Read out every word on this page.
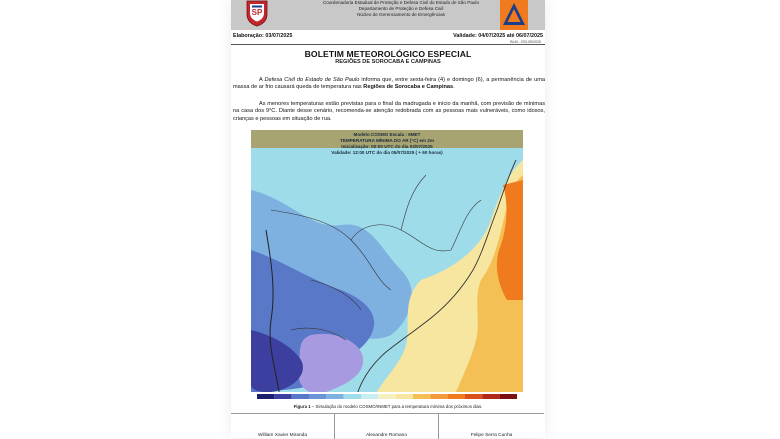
SP
Coordenadoria Estadual de Proteção e Defesa Civil do Estado de São Paulo
Departamento de Proteção e Defesa Civil
Núcleo de Gerenciamento de Emergências
Elaboração: 03/07/2025	Validade: 04/07/2025 até 06/07/2025
BLM - 033-05/2025
BOLETIM METEOROLÓGICO ESPECIAL
REGIÕES DE SOROCABA E CAMPINAS
A Defesa Civil do Estado de São Paulo informa que, entre sexta-feira (4) e domingo (6), a permanência de uma massa de ar frio causará queda de temperatura nas Regiões de Sorocaba e Campinas.
As menores temperaturas estão previstas para o final da madrugada e início da manhã, com previsão de mínimas na casa dos 9°C. Diante desse cenário, recomenda-se atenção redobrada com as pessoas mais vulneráveis, como idosos, crianças e pessoas em situação de rua.
Modelo COSMO Escala : 9MET
TEMPERATURA MÍNIMA DO AR (°C) em 2m
Inicialização: 00:00 UTC do dia 03/07/2025
Validade: 12:00 UTC do dia 05/07/2025 ( + 60 horas)
Figura 1 – Simulação do modelo COSMO/INMET para a temperatura mínima dos próximos dias.
William Xavier Miranda	Alexandre Romano	Felipe Serra Cunha
